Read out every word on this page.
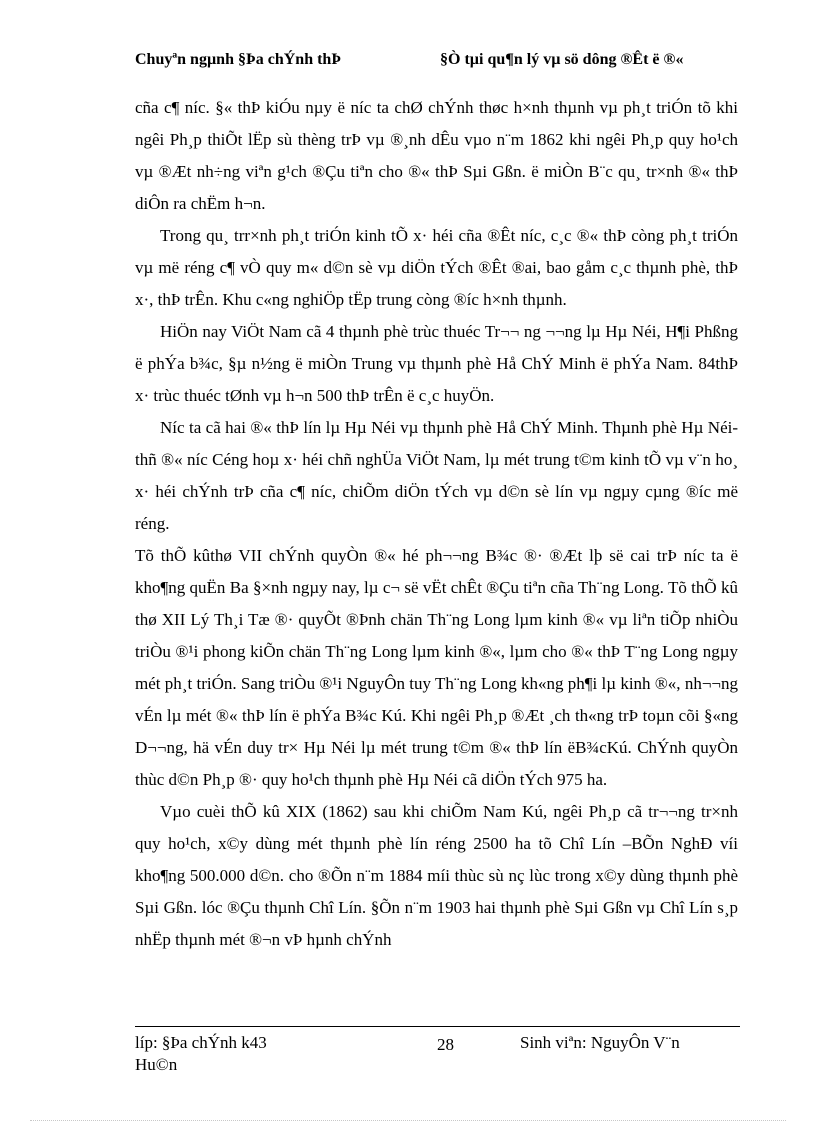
Chuyªn ngµnh §Þa chÝnh thÞ	§Ò tµi qu¶n lý vµ sö dông ®Êt ë ®«

cña c¶ níc. §« thÞ kiÓu nµy ë níc ta chØ chÝnh thøc h×nh thµnh vµ ph¸t triÓn tõ khi ngêi Ph¸p thiÕt lËp sù thèng trÞ vµ ®¸nh dÊu vµo n¨m 1862 khi ngêi Ph¸p quy ho¹ch vµ ®Æt nh÷ng viªn g¹ch ®Çu tiªn cho ®« thÞ Sµi Gßn. ë miÒn B¨c qu¸ tr×nh ®« thÞ diÔn ra chËm h¬n.

Trong qu¸ trr×nh ph¸t triÓn kinh tÕ x· héi cña ®Êt níc, c¸c ®« thÞ còng ph¸t triÓn vµ më réng c¶ vÒ quy m« d©n sè vµ diÖn tÝch ®Êt ®ai, bao gåm c¸c thµnh phè, thÞ x·, thÞ trÊn. Khu c«ng nghiÖp tËp trung còng ®íc h×nh thµnh.

HiÖn nay ViÖt Nam cã 4 thµnh phè trùc thuéc Tr¬¬ ng ¬¬ng lµ Hµ Néi, H¶i Phßng ë phÝa b¾c, §µ n½ng ë miÒn Trung vµ thµnh phè Hå ChÝ Minh ë phÝa Nam. 84thÞ x· trùc thuéc tØnh vµ h¬n 500 thÞ trÊn ë c¸c huyÖn.

Níc ta cã hai ®« thÞ lín lµ Hµ Néi vµ thµnh phè Hå ChÝ Minh. Thµnh phè Hµ Néi-thñ ®« níc Céng hoµ x· héi chñ nghÜa ViÖt Nam, lµ mét trung t©m kinh tÕ vµ v¨n ho¸ x· héi chÝnh trÞ cña c¶ níc, chiÕm diÖn tÝch vµ d©n sè lín vµ ngµy cµng ®íc më réng.

Tõ thÕ kûthø VII chÝnh quyÒn ®« hé ph¬¬ng B¾c ®· ®Æt lþ së cai trÞ níc ta ë kho¶ng quËn Ba §×nh ngµy nay, lµ c¬ së vËt chÊt ®Çu tiªn cña Th¨ng Long. Tõ thÕ kû thø XII Lý Th¸i Tæ ®· quyÕt ®Þnh chän Th¨ng Long lµm kinh ®« vµ liªn tiÕp nhiÒu triÒu ®¹i phong kiÕn chän Th¨ng Long lµm kinh ®«, lµm cho ®« thÞ T¨ng Long ngµy mét ph¸t triÓn. Sang triÒu ®¹i NguyÔn tuy Th¨ng Long kh«ng ph¶i lµ kinh ®«, nh¬¬ng vÉn lµ mét ®« thÞ lín ë phÝa B¾c Kú. Khi ngêi Ph¸p ®Æt ¸ch th«ng trÞ toµn cõi §«ng D¬¬ng, hä vÉn duy tr× Hµ Néi lµ mét trung t©m ®« thÞ lín ëB¾cKú. ChÝnh quyÒn thùc d©n Ph¸p ®· quy ho¹ch thµnh phè Hµ Néi cã diÖn tÝch 975 ha.

Vµo cuèi thÕ kû XIX (1862) sau khi chiÕm Nam Kú, ngêi Ph¸p cã tr¬¬ng tr×nh quy ho¹ch, x©y dùng mét thµnh phè lín réng 2500 ha tõ Chî Lín –BÕn NghÐ víi kho¶ng 500.000 d©n. cho ®Õn n¨m 1884 míi thùc sù nç lùc trong x©y dùng thµnh phè Sµi Gßn. lóc ®Çu thµnh Chî Lín. §Õn n¨m 1903 hai thµnh phè Sµi Gßn vµ Chî Lín s¸p nhËp thµnh mét ®¬n vÞ hµnh chÝnh

líp: §Þa chÝnh k43 Hu©n
28	Sinh viªn: NguyÔn V¨n
